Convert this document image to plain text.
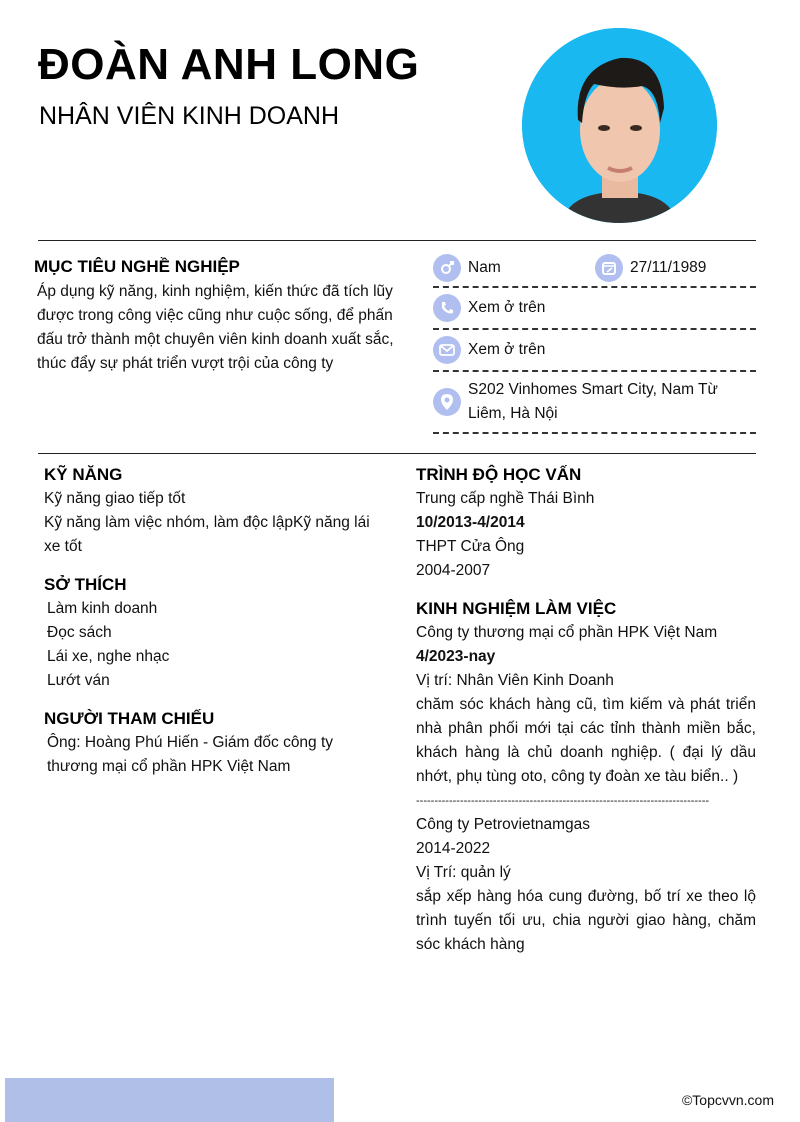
ĐOÀN ANH LONG
NHÂN VIÊN KINH DOANH
MỤC TIÊU NGHỀ NGHIỆP
Áp dụng kỹ năng, kinh nghiệm, kiến thức đã tích lũy được trong công việc cũng như cuộc sống, để phấn đấu trở thành một chuyên viên kinh doanh xuất sắc, thúc đẩy sự phát triển vượt trội của công ty
Nam	27/11/1989
Xem ở trên
Xem ở trên
S202 Vinhomes Smart City, Nam Từ Liêm, Hà Nội
KỸ NĂNG
Kỹ năng giao tiếp tốt
Kỹ năng làm việc nhóm, làm độc lậpKỹ năng lái xe tốt
SỞ THÍCH
Làm kinh doanh
Đọc sách
Lái xe, nghe nhạc
Lướt ván
NGƯỜI THAM CHIẾU
Ông: Hoàng Phú Hiến - Giám đốc công ty thương mại cổ phần HPK Việt Nam
TRÌNH ĐỘ HỌC VẤN
Trung cấp nghề Thái Bình
10/2013-4/2014
THPT Cửa Ông
2004-2007
KINH NGHIỆM LÀM VIỆC
Công ty thương mại cổ phần HPK Việt Nam
4/2023-nay
Vị trí: Nhân Viên Kinh Doanh
chăm sóc khách hàng cũ, tìm kiếm và phát triển nhà phân phối mới tại các tỉnh thành miền bắc, khách hàng là chủ doanh nghiệp. ( đại lý dầu nhớt, phụ tùng oto, công ty đoàn xe tàu biển.. )
--------------------------------------------------------------------------------
Công ty Petrovietnamgas
2014-2022
Vị Trí: quản lý
sắp xếp hàng hóa cung đường, bố trí xe theo lộ trình tuyến tối ưu, chia người giao hàng, chăm sóc khách hàng
©Topcvvn.com
